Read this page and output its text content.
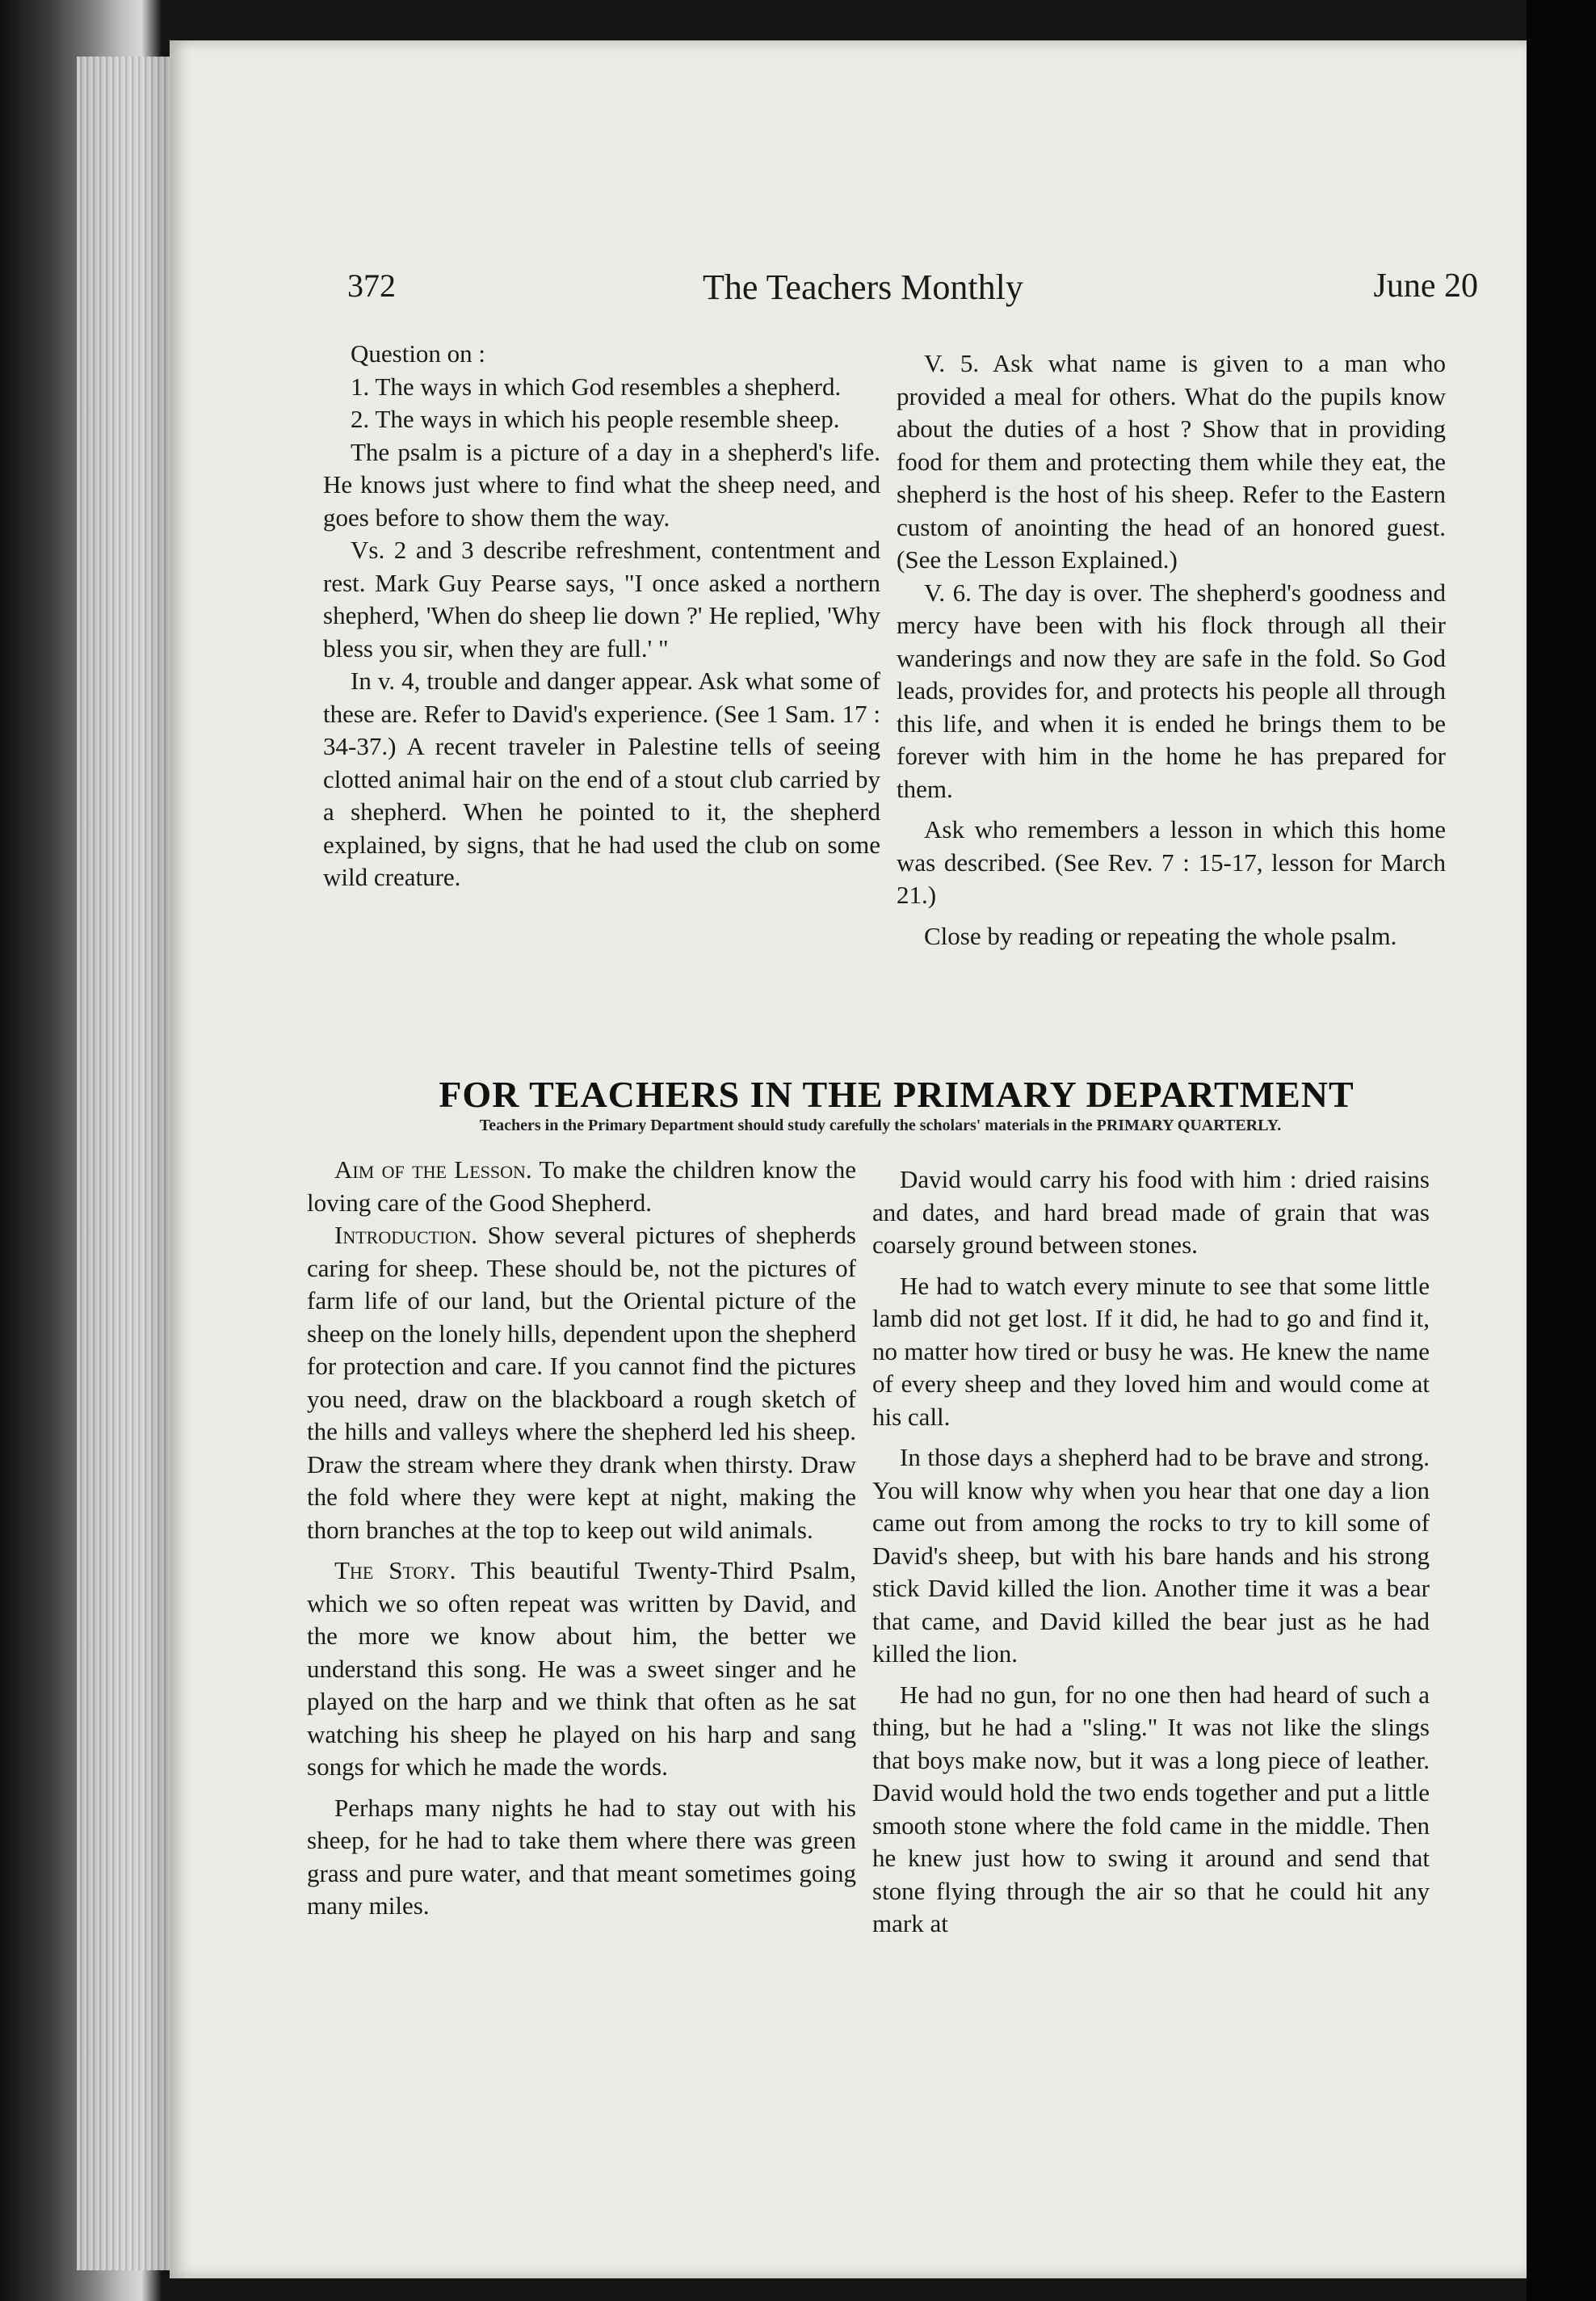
372	The Teachers Monthly	June 20

Question on :

1. The ways in which God resembles a shepherd.

2. The ways in which his people resemble sheep.

The psalm is a picture of a day in a shepherd's life. He knows just where to find what the sheep need, and goes before to show them the way.

Vs. 2 and 3 describe refreshment, contentment and rest. Mark Guy Pearse says, "I once asked a northern shepherd, 'When do sheep lie down ?' He replied, 'Why bless you sir, when they are full.' "

In v. 4, trouble and danger appear. Ask what some of these are. Refer to David's experience. (See 1 Sam. 17 : 34-37.) A recent traveler in Palestine tells of seeing clotted animal hair on the end of a stout club carried by a shepherd. When he pointed to it, the shepherd explained, by signs, that he had used the club on some wild creature.

V. 5. Ask what name is given to a man who provided a meal for others. What do the pupils know about the duties of a host ? Show that in providing food for them and protecting them while they eat, the shepherd is the host of his sheep. Refer to the Eastern custom of anointing the head of an honored guest. (See the Lesson Explained.)

V. 6. The day is over. The shepherd's goodness and mercy have been with his flock through all their wanderings and now they are safe in the fold. So God leads, provides for, and protects his people all through this life, and when it is ended he brings them to be forever with him in the home he has prepared for them.

Ask who remembers a lesson in which this home was described. (See Rev. 7 : 15-17, lesson for March 21.)

Close by reading or repeating the whole psalm.

FOR TEACHERS IN THE PRIMARY DEPARTMENT
Teachers in the Primary Department should study carefully the scholars' materials in the PRIMARY QUARTERLY.

Aim of the Lesson. To make the children know the loving care of the Good Shepherd.

Introduction. Show several pictures of shepherds caring for sheep. These should be, not the pictures of farm life of our land, but the Oriental picture of the sheep on the lonely hills, dependent upon the shepherd for protection and care. If you cannot find the pictures you need, draw on the blackboard a rough sketch of the hills and valleys where the shepherd led his sheep. Draw the stream where they drank when thirsty. Draw the fold where they were kept at night, making the thorn branches at the top to keep out wild animals.

The Story. This beautiful Twenty-Third Psalm, which we so often repeat was written by David, and the more we know about him, the better we understand this song. He was a sweet singer and he played on the harp and we think that often as he sat watching his sheep he played on his harp and sang songs for which he made the words.

Perhaps many nights he had to stay out with his sheep, for he had to take them where there was green grass and pure water, and that meant sometimes going many miles.

David would carry his food with him : dried raisins and dates, and hard bread made of grain that was coarsely ground between stones.

He had to watch every minute to see that some little lamb did not get lost. If it did, he had to go and find it, no matter how tired or busy he was. He knew the name of every sheep and they loved him and would come at his call.

In those days a shepherd had to be brave and strong. You will know why when you hear that one day a lion came out from among the rocks to try to kill some of David's sheep, but with his bare hands and his strong stick David killed the lion. Another time it was a bear that came, and David killed the bear just as he had killed the lion.

He had no gun, for no one then had heard of such a thing, but he had a "sling." It was not like the slings that boys make now, but it was a long piece of leather. David would hold the two ends together and put a little smooth stone where the fold came in the middle. Then he knew just how to swing it around and send that stone flying through the air so that he could hit any mark at
